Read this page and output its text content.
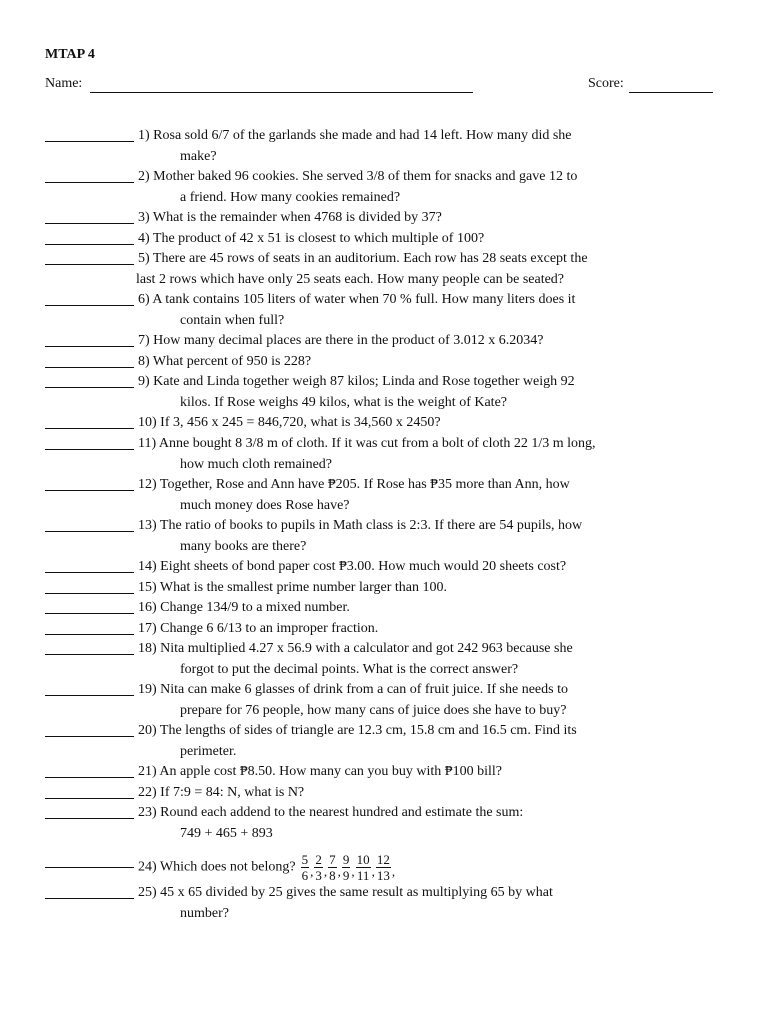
MTAP 4
Name:	Score:
1) Rosa sold 6/7 of the garlands she made and had 14 left. How many did she
make?
2) Mother baked 96 cookies. She served 3/8 of them for snacks and gave 12 to
a friend. How many cookies remained?
3) What is the remainder when 4768 is divided by 37?
4) The product of 42 x 51 is closest to which multiple of 100?
5) There are 45 rows of seats in an auditorium. Each row has 28 seats except the
last 2 rows which have only 25 seats each. How many people can be seated?
6) A tank contains 105 liters of water when 70 % full. How many liters does it
contain when full?
7) How many decimal places are there in the product of 3.012 x 6.2034?
8) What percent of 950 is 228?
9) Kate and Linda together weigh 87 kilos; Linda and Rose together weigh 92
kilos. If Rose weighs 49 kilos, what is the weight of Kate?
10) If 3, 456 x 245 = 846,720, what is 34,560 x 2450?
11) Anne bought 8 3/8 m of cloth. If it was cut from a bolt of cloth 22 1/3 m long,
how much cloth remained?
12) Together, Rose and Ann have ₱205. If Rose has ₱35 more than Ann, how
much money does Rose have?
13) The ratio of books to pupils in Math class is 2:3. If there are 54 pupils, how
many books are there?
14) Eight sheets of bond paper cost ₱3.00. How much would 20 sheets cost?
15) What is the smallest prime number larger than 100.
16) Change 134/9 to a mixed number.
17) Change 6 6/13 to an improper fraction.
18) Nita multiplied 4.27 x 56.9 with a calculator and got 242 963 because she
forgot to put the decimal points. What is the correct answer?
19) Nita can make 6 glasses of drink from a can of fruit juice. If she needs to
prepare for 76 people, how many cans of juice does she have to buy?
20) The lengths of sides of triangle are 12.3 cm, 15.8 cm and 16.5 cm. Find its
perimeter.
21) An apple cost ₱8.50. How many can you buy with ₱100 bill?
22) If 7:9 = 84: N, what is N?
23) Round each addend to the nearest hundred and estimate the sum:
749 + 465 + 893
24) Which does not belong? $\frac{5}{6}$ , $\frac{2}{3}$ , $\frac{7}{8}$ , $\frac{9}{9}$ , $\frac{10}{11}$ , $\frac{12}{13}$ ,
25) 45 x 65 divided by 25 gives the same result as multiplying 65 by what
number?
